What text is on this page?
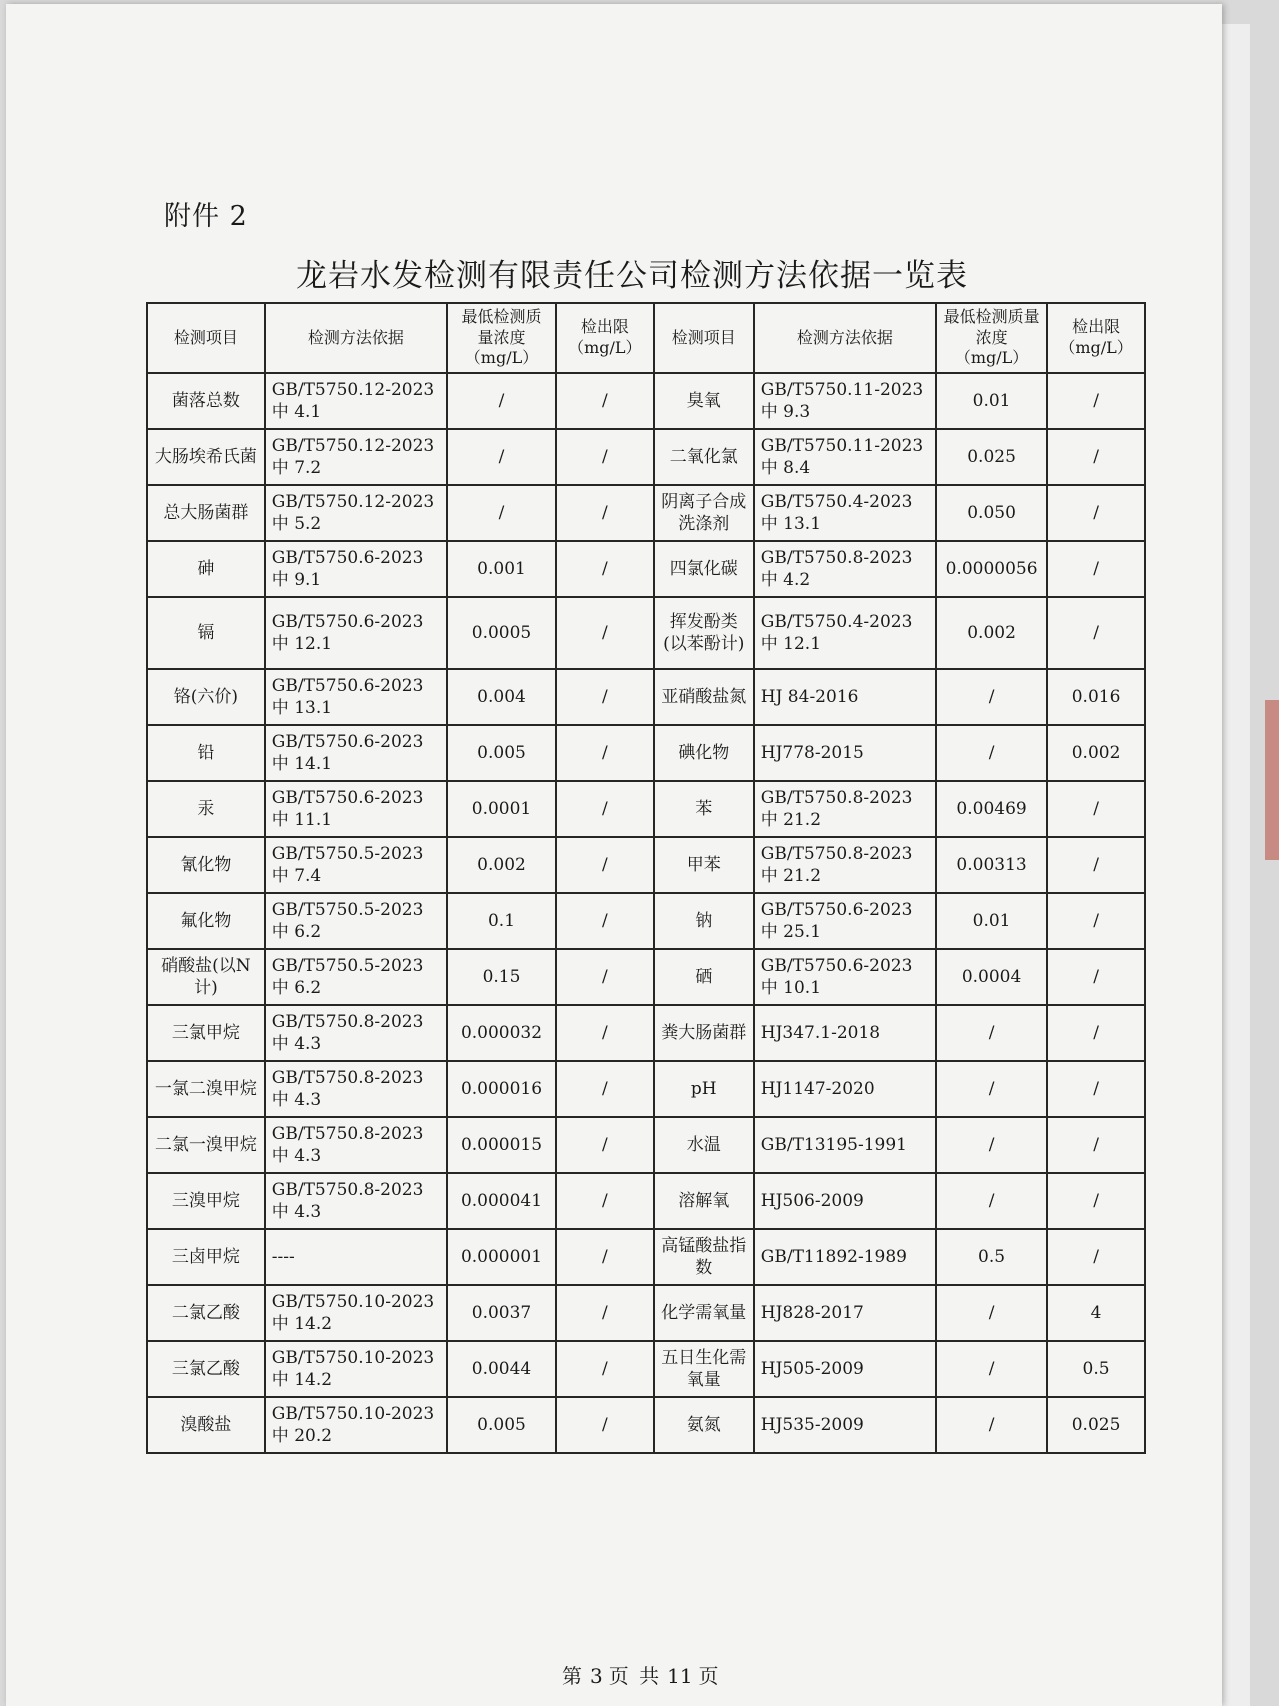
附件 2
龙岩水发检测有限责任公司检测方法依据一览表
检测项目	检测方法依据	最低检测质量浓度（mg/L）	检出限（mg/L）	检测项目	检测方法依据	最低检测质量浓度（mg/L）	检出限（mg/L）
菌落总数	GB/T5750.12-2023 中 4.1	/	/	臭氧	GB/T5750.11-2023 中 9.3	0.01	/
大肠埃希氏菌	GB/T5750.12-2023 中 7.2	/	/	二氧化氯	GB/T5750.11-2023 中 8.4	0.025	/
总大肠菌群	GB/T5750.12-2023 中 5.2	/	/	阴离子合成洗涤剂	GB/T5750.4-2023 中 13.1	0.050	/
砷	GB/T5750.6-2023 中 9.1	0.001	/	四氯化碳	GB/T5750.8-2023 中 4.2	0.0000056	/
镉	GB/T5750.6-2023 中 12.1	0.0005	/	挥发酚类(以苯酚计)	GB/T5750.4-2023 中 12.1	0.002	/
铬(六价)	GB/T5750.6-2023 中 13.1	0.004	/	亚硝酸盐氮	HJ 84-2016	/	0.016
铅	GB/T5750.6-2023 中 14.1	0.005	/	碘化物	HJ778-2015	/	0.002
汞	GB/T5750.6-2023 中 11.1	0.0001	/	苯	GB/T5750.8-2023 中 21.2	0.00469	/
氰化物	GB/T5750.5-2023 中 7.4	0.002	/	甲苯	GB/T5750.8-2023 中 21.2	0.00313	/
氟化物	GB/T5750.5-2023 中 6.2	0.1	/	钠	GB/T5750.6-2023 中 25.1	0.01	/
硝酸盐(以N计)	GB/T5750.5-2023 中 6.2	0.15	/	硒	GB/T5750.6-2023 中 10.1	0.0004	/
三氯甲烷	GB/T5750.8-2023 中 4.3	0.000032	/	粪大肠菌群	HJ347.1-2018	/	/
一氯二溴甲烷	GB/T5750.8-2023 中 4.3	0.000016	/	pH	HJ1147-2020	/	/
二氯一溴甲烷	GB/T5750.8-2023 中 4.3	0.000015	/	水温	GB/T13195-1991	/	/
三溴甲烷	GB/T5750.8-2023 中 4.3	0.000041	/	溶解氧	HJ506-2009	/	/
三卤甲烷	----	0.000001	/	高锰酸盐指数	GB/T11892-1989	0.5	/
二氯乙酸	GB/T5750.10-2023 中 14.2	0.0037	/	化学需氧量	HJ828-2017	/	4
三氯乙酸	GB/T5750.10-2023 中 14.2	0.0044	/	五日生化需氧量	HJ505-2009	/	0.5
溴酸盐	GB/T5750.10-2023 中 20.2	0.005	/	氨氮	HJ535-2009	/	0.025
第 3 页 共 11 页
